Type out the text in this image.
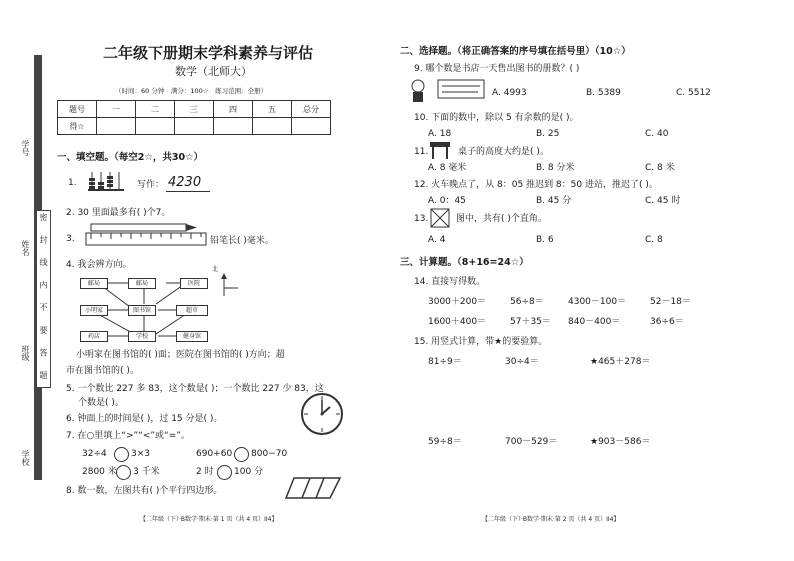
学号
姓名
班级
学校
密 封 线 内 不 要 答 题
二年级下册期末学科素养与评估
数学（北师大）
（时间：60 分钟　满分：100☆　练习范围：全册）
题号	一	二	三	四	五	总分
得☆						
一、填空题。（每空2☆，共30☆）
1.	写作： 4230
2. 30 里面最多有( )个7。
3.	铅笔长( )毫米。
4. 我会辨方向。
邮局	邮局	医院
小明家	图书馆	超市
药店	学校	健身馆
北
小明家在图书馆的( )面；医院在图书馆的( )方向；超
市在图书馆的( )。
5. 一个数比 227 多 83，这个数是( )；一个数比 227 少 83，这
个数是( )。
6. 钟面上的时间是( )，过 15 分是( )。
7. 在○里填上“>”“<”或“=”。
32÷4	3×3	690+60 800−70
2800 米 3 千米	2 时 100 分
8. 数一数，左图共有( )个平行四边形。
【二年级（下）·B数学·期末·第 1 页（共 4 页）II4】
二、选择题。（将正确答案的序号填在括号里）（10☆）
9. 哪个数是书店一天售出图书的册数？( )
A. 4993	B. 5389	C. 5512
10. 下面的数中，除以 5 有余数的是( )。
A. 18	B. 25	C. 40
11.	桌子的高度大约是( )。
A. 8 毫米	B. 8 分米	C. 8 米
12. 火车晚点了，从 8：05 推迟到 8：50 进站，推迟了( )。
A. 0：45	B. 45 分	C. 45 时
13.	图中，共有( )个直角。
A. 4	B. 6	C. 8
三、计算题。（8+16=24☆）
14. 直接写得数。
3000＋200＝	56÷8＝	4300－100＝	52－18＝
1600＋400＝	57＋35＝ 840－400＝	36÷6＝
15. 用竖式计算，带★的要验算。
81÷9＝	30÷4＝	★465＋278＝
59÷8＝	700－529＝	★903－586＝
【二年级（下）·B数学·期末·第 2 页（共 4 页）II4】
